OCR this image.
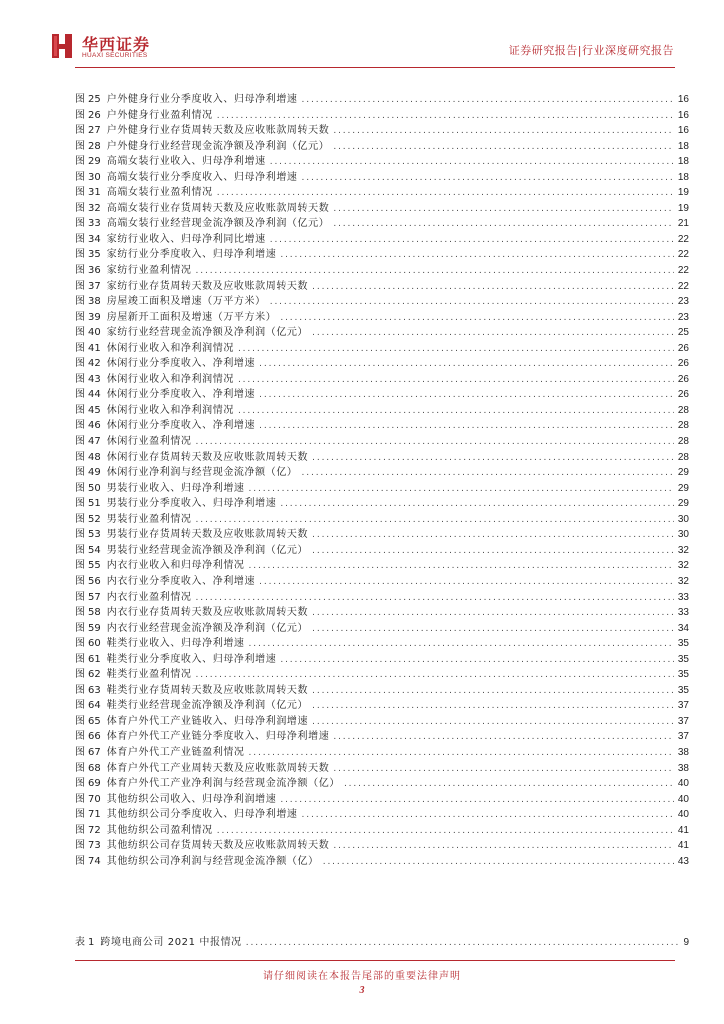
华西证券
HUAXI SECURITIES	证券研究报告|行业深度研究报告
图 25 户外健身行业分季度收入、归母净利增速 . . .	16
图 26 户外健身行业盈利情况 . . .	16
图 27 户外健身行业存货周转天数及应收账款周转天数 . . .	16
图 28 户外健身行业经营现金流净额及净利润（亿元） . . .	18
图 29 高端女装行业收入、归母净利增速 . . .	18
图 30 高端女装行业分季度收入、归母净利增速 . . .	18
图 31 高端女装行业盈利情况 . . .	19
图 32 高端女装行业存货周转天数及应收账款周转天数 . . .	19
图 33 高端女装行业经营现金流净额及净利润（亿元） . . .	21
图 34 家纺行业收入、归母净利同比增速 . . .	22
图 35 家纺行业分季度收入、归母净利增速 . . .	22
图 36 家纺行业盈利情况 . . .	22
图 37 家纺行业存货周转天数及应收账款周转天数 . . .	22
图 38 房屋竣工面积及增速（万平方米） . . .	23
图 39 房屋新开工面积及增速（万平方米） . . .	23
图 40 家纺行业经营现金流净额及净利润（亿元） . . .	25
图 41 休闲行业收入和净利润情况 . . .	26
图 42 休闲行业分季度收入、净利增速 . . .	26
图 43 休闲行业收入和净利润情况 . . .	26
图 44 休闲行业分季度收入、净利增速 . . .	26
图 45 休闲行业收入和净利润情况 . . .	28
图 46 休闲行业分季度收入、净利增速 . . .	28
图 47 休闲行业盈利情况 . . .	28
图 48 休闲行业存货周转天数及应收账款周转天数 . . .	28
图 49 休闲行业净利润与经营现金流净额（亿） . . .	29
图 50 男装行业收入、归母净利增速 . . .	29
图 51 男装行业分季度收入、归母净利增速 . . .	29
图 52 男装行业盈利情况 . . .	30
图 53 男装行业存货周转天数及应收账款周转天数 . . .	30
图 54 男装行业经营现金流净额及净利润（亿元） . . .	32
图 55 内衣行业收入和归母净利情况 . . .	32
图 56 内衣行业分季度收入、净利增速 . . .	32
图 57 内衣行业盈利情况 . . .	33
图 58 内衣行业存货周转天数及应收账款周转天数 . . .	33
图 59 内衣行业经营现金流净额及净利润（亿元） . . .	34
图 60 鞋类行业收入、归母净利增速 . . .	35
图 61 鞋类行业分季度收入、归母净利增速 . . .	35
图 62 鞋类行业盈利情况 . . .	35
图 63 鞋类行业存货周转天数及应收账款周转天数 . . .	35
图 64 鞋类行业经营现金流净额及净利润（亿元） . . .	37
图 65 体育户外代工产业链收入、归母净利润增速 . . .	37
图 66 体育户外代工产业链分季度收入、归母净利增速 . . .	37
图 67 体育户外代工产业链盈利情况 . . .	38
图 68 体育户外代工产业周转天数及应收账款周转天数 . . .	38
图 69 体育户外代工产业净利润与经营现金流净额（亿） . . .	40
图 70 其他纺织公司收入、归母净利润增速 . . .	40
图 71 其他纺织公司分季度收入、归母净利增速 . . .	40
图 72 其他纺织公司盈利情况 . . .	41
图 73 其他纺织公司存货周转天数及应收账款周转天数 . . .	41
图 74 其他纺织公司净利润与经营现金流净额（亿） . . .	43
表 1 跨境电商公司 2021 中报情况 . . .	9
请仔细阅读在本报告尾部的重要法律声明
3
